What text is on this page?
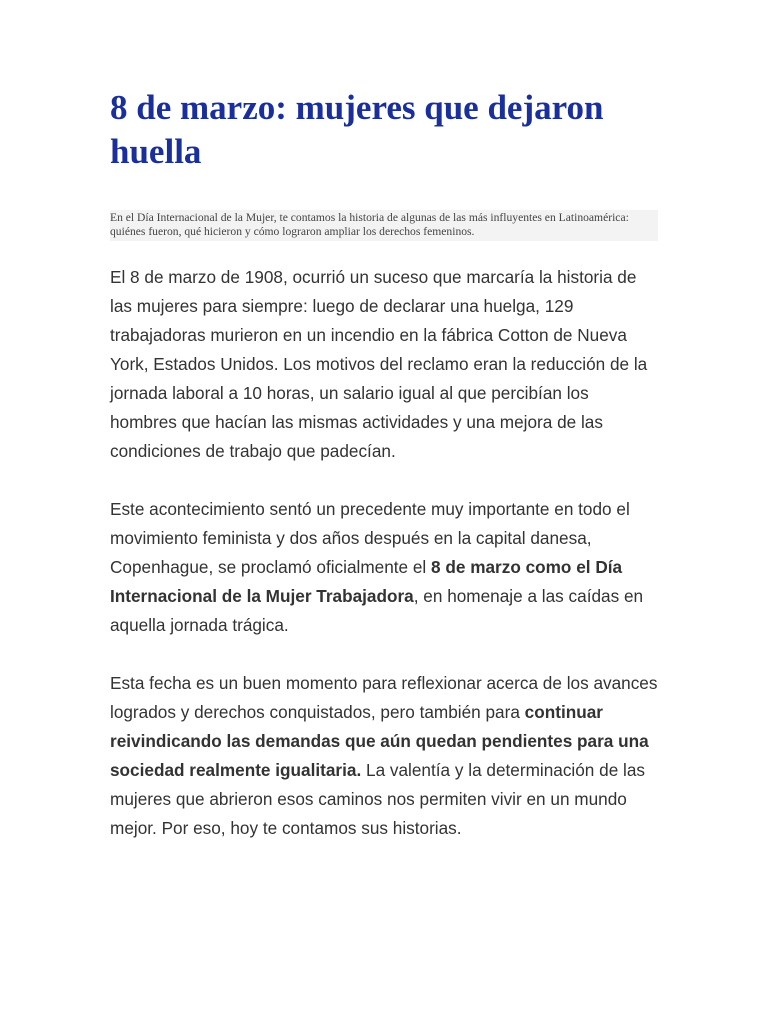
8 de marzo: mujeres que dejaron huella
En el Día Internacional de la Mujer, te contamos la historia de algunas de las más influyentes en Latinoamérica: quiénes fueron, qué hicieron y cómo lograron ampliar los derechos femeninos.

El 8 de marzo de 1908, ocurrió un suceso que marcaría la historia de las mujeres para siempre: luego de declarar una huelga, 129 trabajadoras murieron en un incendio en la fábrica Cotton de Nueva York, Estados Unidos. Los motivos del reclamo eran la reducción de la jornada laboral a 10 horas, un salario igual al que percibían los hombres que hacían las mismas actividades y una mejora de las condiciones de trabajo que padecían.

Este acontecimiento sentó un precedente muy importante en todo el movimiento feminista y dos años después en la capital danesa, Copenhague, se proclamó oficialmente el 8 de marzo como el Día Internacional de la Mujer Trabajadora, en homenaje a las caídas en aquella jornada trágica.

Esta fecha es un buen momento para reflexionar acerca de los avances logrados y derechos conquistados, pero también para continuar reivindicando las demandas que aún quedan pendientes para una sociedad realmente igualitaria. La valentía y la determinación de las mujeres que abrieron esos caminos nos permiten vivir en un mundo mejor. Por eso, hoy te contamos sus historias.
